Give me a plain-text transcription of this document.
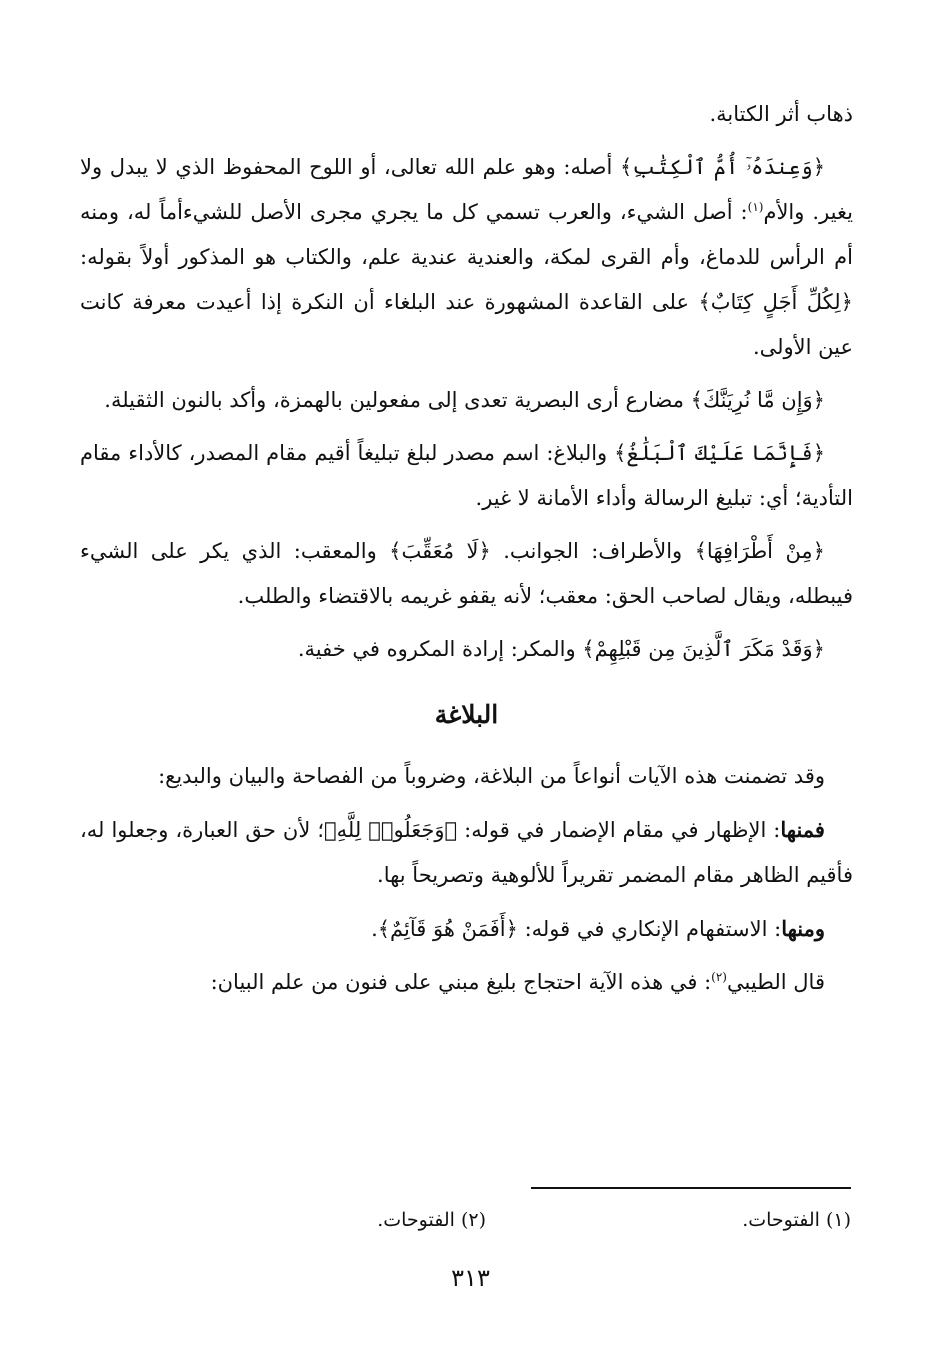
ذهاب أثر الكتابة.

﴿وَعِندَهُۥٓ أُمُّ ٱلْكِتَٰبِ﴾ أصله: وهو علم الله تعالى، أو اللوح المحفوظ الذي لا يبدل ولا يغير. والأم$^{(١)}$: أصل الشيء، والعرب تسمي كل ما يجري مجرى الأصل للشيءأماً له، ومنه أم الرأس للدماغ، وأم القرى لمكة، والعندية عندية علم، والكتاب هو المذكور أولاً بقوله: ﴿لِكُلِّ أَجَلٍ كِتَابٌ﴾ على القاعدة المشهورة عند البلغاء أن النكرة إذا أعيدت معرفة كانت عين الأولى.

﴿وَإِن مَّا نُرِيَنَّكَ﴾ مضارع أرى البصرية تعدى إلى مفعولين بالهمزة، وأكد بالنون الثقيلة.

﴿فَإِنَّمَا عَلَيْكَ ٱلْبَلَٰغُ﴾ والبلاغ: اسم مصدر لبلغ تبليغاً أقيم مقام المصدر، كالأداء مقام التأدية؛ أي: تبليغ الرسالة وأداء الأمانة لا غير.

﴿مِنْ أَطْرَافِهَا﴾ والأطراف: الجوانب. ﴿لَا مُعَقِّبَ﴾ والمعقب: الذي يكر على الشيء فيبطله، ويقال لصاحب الحق: معقب؛ لأنه يقفو غريمه بالاقتضاء والطلب.

﴿وَقَدْ مَكَرَ ٱلَّذِينَ مِن قَبْلِهِمْ﴾ والمكر: إرادة المكروه في خفية.

البلاغة

وقد تضمنت هذه الآيات أنواعاً من البلاغة، وضروباً من الفصاحة والبيان والبديع:

فمنها: الإظهار في مقام الإضمار في قوله: ﴿وَجَعَلُوا۟ لِلَّهِ﴾؛ لأن حق العبارة، وجعلوا له، فأقيم الظاهر مقام المضمر تقريراً للألوهية وتصريحاً بها.

ومنها: الاستفهام الإنكاري في قوله: ﴿أَفَمَنْ هُوَ قَآئِمٌ﴾.

قال الطيبي$^{(٢)}$: في هذه الآية احتجاج بليغ مبني على فنون من علم البيان:

(١) الفتوحات.
(٢) الفتوحات.
٣١٣
